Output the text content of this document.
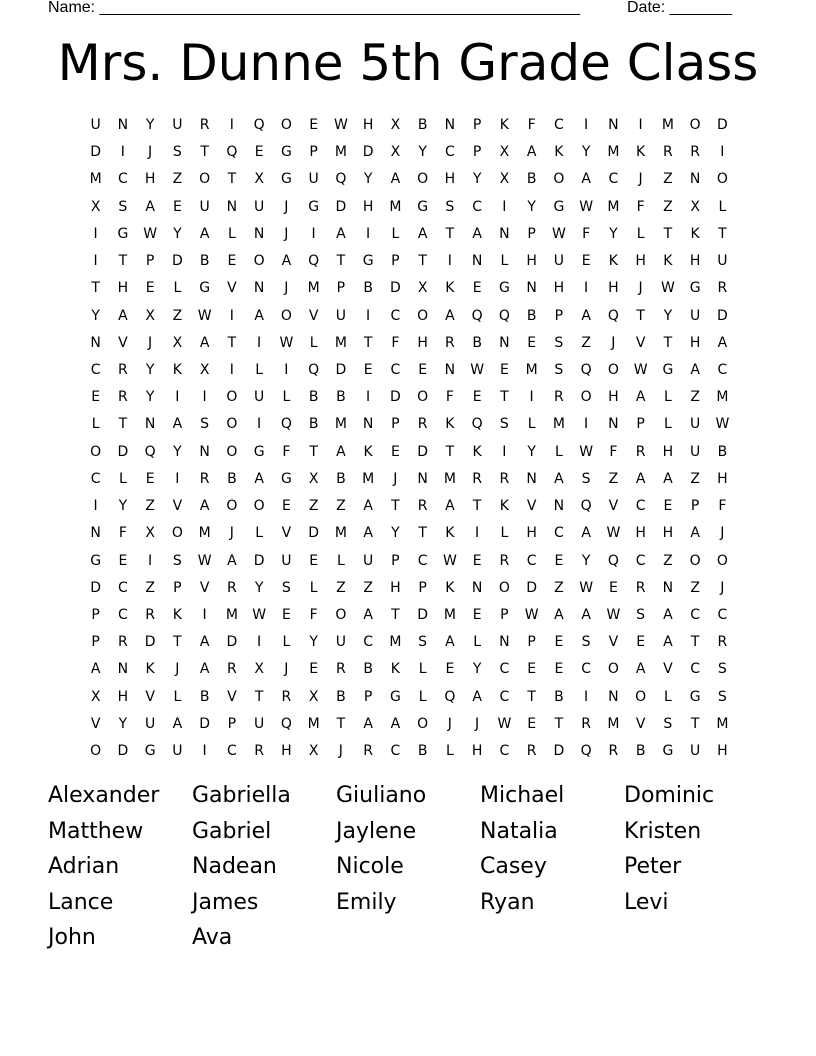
Name: ______________________________________________________	Date: _______
Mrs. Dunne 5th Grade Class
U	N	Y	U	R	I	Q	O	E	W	H	X	B	N	P	K	F	C	I	N	I	M	O	D
D	I	J	S	T	Q	E	G	P	M	D	X	Y	C	P	X	A	K	Y	M	K	R	R	I
M	C	H	Z	O	T	X	G	U	Q	Y	A	O	H	Y	X	B	O	A	C	J	Z	N	O
X	S	A	E	U	N	U	J	G	D	H	M	G	S	C	I	Y	G	W	M	F	Z	X	L
I	G	W	Y	A	L	N	J	I	A	I	L	A	T	A	N	P	W	F	Y	L	T	K	T
I	T	P	D	B	E	O	A	Q	T	G	P	T	I	N	L	H	U	E	K	H	K	H	U
T	H	E	L	G	V	N	J	M	P	B	D	X	K	E	G	N	H	I	H	J	W	G	R
Y	A	X	Z	W	I	A	O	V	U	I	C	O	A	Q	Q	B	P	A	Q	T	Y	U	D
N	V	J	X	A	T	I	W	L	M	T	F	H	R	B	N	E	S	Z	J	V	T	H	A
C	R	Y	K	X	I	L	I	Q	D	E	C	E	N	W	E	M	S	Q	O	W	G	A	C
E	R	Y	I	I	O	U	L	B	B	I	D	O	F	E	T	I	R	O	H	A	L	Z	M
L	T	N	A	S	O	I	Q	B	M	N	P	R	K	Q	S	L	M	I	N	P	L	U	W
O	D	Q	Y	N	O	G	F	T	A	K	E	D	T	K	I	Y	L	W	F	R	H	U	B
C	L	E	I	R	B	A	G	X	B	M	J	N	M	R	R	N	A	S	Z	A	A	Z	H
I	Y	Z	V	A	O	O	E	Z	Z	A	T	R	A	T	K	V	N	Q	V	C	E	P	F
N	F	X	O	M	J	L	V	D	M	A	Y	T	K	I	L	H	C	A	W	H	H	A	J
G	E	I	S	W	A	D	U	E	L	U	P	C	W	E	R	C	E	Y	Q	C	Z	O	O
D	C	Z	P	V	R	Y	S	L	Z	Z	H	P	K	N	O	D	Z	W	E	R	N	Z	J
P	C	R	K	I	M	W	E	F	O	A	T	D	M	E	P	W	A	A	W	S	A	C	C
P	R	D	T	A	D	I	L	Y	U	C	M	S	A	L	N	P	E	S	V	E	A	T	R
A	N	K	J	A	R	X	J	E	R	B	K	L	E	Y	C	E	E	C	O	A	V	C	S
X	H	V	L	B	V	T	R	X	B	P	G	L	Q	A	C	T	B	I	N	O	L	G	S
V	Y	U	A	D	P	U	Q	M	T	A	A	O	J	J	W	E	T	R	M	V	S	T	M
O	D	G	U	I	C	R	H	X	J	R	C	B	L	H	C	R	D	Q	R	B	G	U	H
Alexander	Gabriella	Giuliano	Michael	Dominic
Matthew	Gabriel	Jaylene	Natalia	Kristen
Adrian	Nadean	Nicole	Casey	Peter
Lance	James	Emily	Ryan	Levi
John	Ava
